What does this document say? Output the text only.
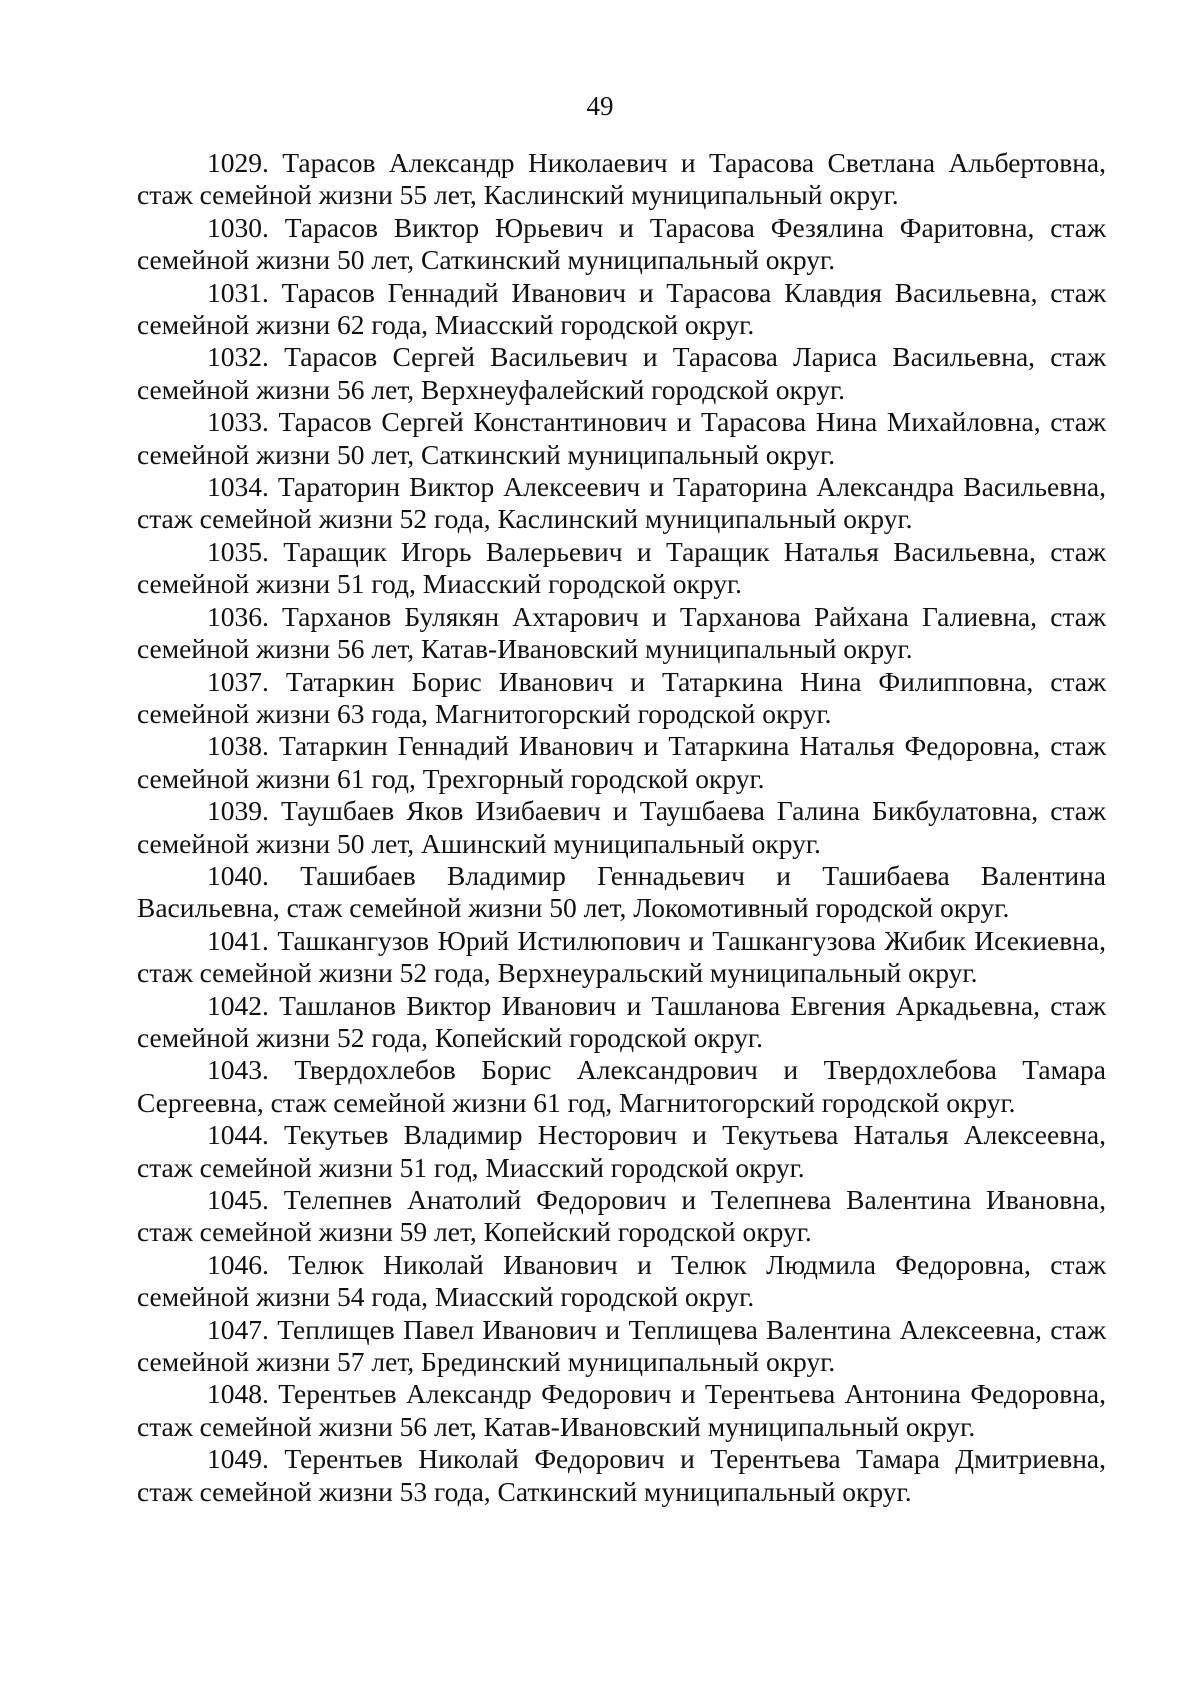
49

1029. Тарасов Александр Николаевич и Тарасова Светлана Альбертовна, стаж семейной жизни 55 лет, Каслинский муниципальный округ.

1030. Тарасов Виктор Юрьевич и Тарасова Фезялина Фаритовна, стаж семейной жизни 50 лет, Саткинский муниципальный округ.

1031. Тарасов Геннадий Иванович и Тарасова Клавдия Васильевна, стаж семейной жизни 62 года, Миасский городской округ.

1032. Тарасов Сергей Васильевич и Тарасова Лариса Васильевна, стаж семейной жизни 56 лет, Верхнеуфалейский городской округ.

1033. Тарасов Сергей Константинович и Тарасова Нина Михайловна, стаж семейной жизни 50 лет, Саткинский муниципальный округ.

1034. Тараторин Виктор Алексеевич и Тараторина Александра Васильевна, стаж семейной жизни 52 года, Каслинский муниципальный округ.

1035. Таращик Игорь Валерьевич и Таращик Наталья Васильевна, стаж семейной жизни 51 год, Миасский городской округ.

1036. Тарханов Булякян Ахтарович и Тарханова Райхана Галиевна, стаж семейной жизни 56 лет, Катав-Ивановский муниципальный округ.

1037. Татаркин Борис Иванович и Татаркина Нина Филипповна, стаж семейной жизни 63 года, Магнитогорский городской округ.

1038. Татаркин Геннадий Иванович и Татаркина Наталья Федоровна, стаж семейной жизни 61 год, Трехгорный городской округ.

1039. Таушбаев Яков Изибаевич и Таушбаева Галина Бикбулатовна, стаж семейной жизни 50 лет, Ашинский муниципальный округ.

1040. Ташибаев Владимир Геннадьевич и Ташибаева Валентина Васильевна, стаж семейной жизни 50 лет, Локомотивный городской округ.

1041. Ташкангузов Юрий Истилюпович и Ташкангузова Жибик Исекиевна, стаж семейной жизни 52 года, Верхнеуральский муниципальный округ.

1042. Ташланов Виктор Иванович и Ташланова Евгения Аркадьевна, стаж семейной жизни 52 года, Копейский городской округ.

1043. Твердохлебов Борис Александрович и Твердохлебова Тамара Сергеевна, стаж семейной жизни 61 год, Магнитогорский городской округ.

1044. Текутьев Владимир Несторович и Текутьева Наталья Алексеевна, стаж семейной жизни 51 год, Миасский городской округ.

1045. Телепнев Анатолий Федорович и Телепнева Валентина Ивановна, стаж семейной жизни 59 лет, Копейский городской округ.

1046. Телюк Николай Иванович и Телюк Людмила Федоровна, стаж семейной жизни 54 года, Миасский городской округ.

1047. Теплищев Павел Иванович и Теплищева Валентина Алексеевна, стаж семейной жизни 57 лет, Брединский муниципальный округ.

1048. Терентьев Александр Федорович и Терентьева Антонина Федоровна, стаж семейной жизни 56 лет, Катав-Ивановский муниципальный округ.

1049. Терентьев Николай Федорович и Терентьева Тамара Дмитриевна, стаж семейной жизни 53 года, Саткинский муниципальный округ.
